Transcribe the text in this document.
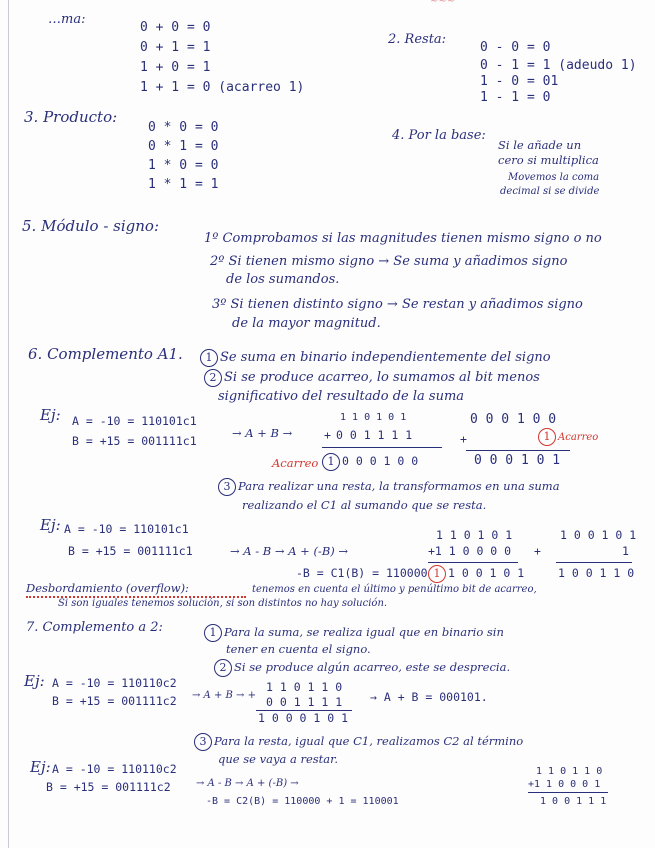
~~~
…ma:
0 + 0 = 0
0 + 1 = 1
1 + 0 = 1
1 + 1 = 0 (acarreo 1)
2. Resta:
0 - 0 = 0
0 - 1 = 1 (adeudo 1)
1 - 0 = 01
1 - 1 = 0
3. Producto:
0 * 0 = 0
0 * 1 = 0
1 * 0 = 0
1 * 1 = 1
4. Por la base:
Si le añade un
cero si multiplica
Movemos la coma
decimal si se divide
5. Módulo - signo:
1º Comprobamos si las magnitudes tienen mismo signo o no
2º Si tienen mismo signo → Se suma y añadimos signo
de los sumandos.
3º Si tienen distinto signo → Se restan y añadimos signo
de la mayor magnitud.
6. Complemento A1.	1 Se suma en binario independientemente del signo
2 Si se produce acarreo, lo sumamos al bit menos
significativo del resultado de la suma
Ej: A = -10 = 110101c1
B = +15 = 001111c1
→ A + B →
1 1 0 1 0 1
+ 0 0 1 1 1 1
Acarreo 1 0 0 0 1 0 0
0 0 0 1 0 0
+	1 Acarreo
0 0 0 1 0 1
3 Para realizar una resta, la transformamos en una suma
realizando el C1 al sumando que se resta.
Ej: A = -10 = 110101c1
B = +15 = 001111c1	→ A - B → A + (-B) →
-B = C1(B) = 110000
1 1 0 1 0 1
+1 1 0 0 0 0
1 1 0 0 1 0 1
1 0 0 1 0 1
+	1
1 0 0 1 1 0
Desbordamiento (overflow):	tenemos en cuenta el último y penúltimo bit de acarreo,
Si son iguales tenemos solución, si son distintos no hay solución.
7. Complemento a 2:	1 Para la suma, se realiza igual que en binario sin
tener en cuenta el signo.
2 Si se produce algún acarreo, este se desprecia.
Ej: A = -10 = 110110c2
B = +15 = 001111c2 → A + B → +
1 1 0 1 1 0
0 0 1 1 1 1
1 0 0 0 1 0 1
→ A + B = 000101.
3 Para la resta, igual que C1, realizamos C2 al término
que se vaya a restar.
Ej: A = -10 = 110110c2
B = +15 = 001111c2	→ A - B → A + (-B) →
-B = C2(B) = 110000 + 1 = 110001
1 1 0 1 1 0
+1 1 0 0 0 1
1 0 0 1 1 1
